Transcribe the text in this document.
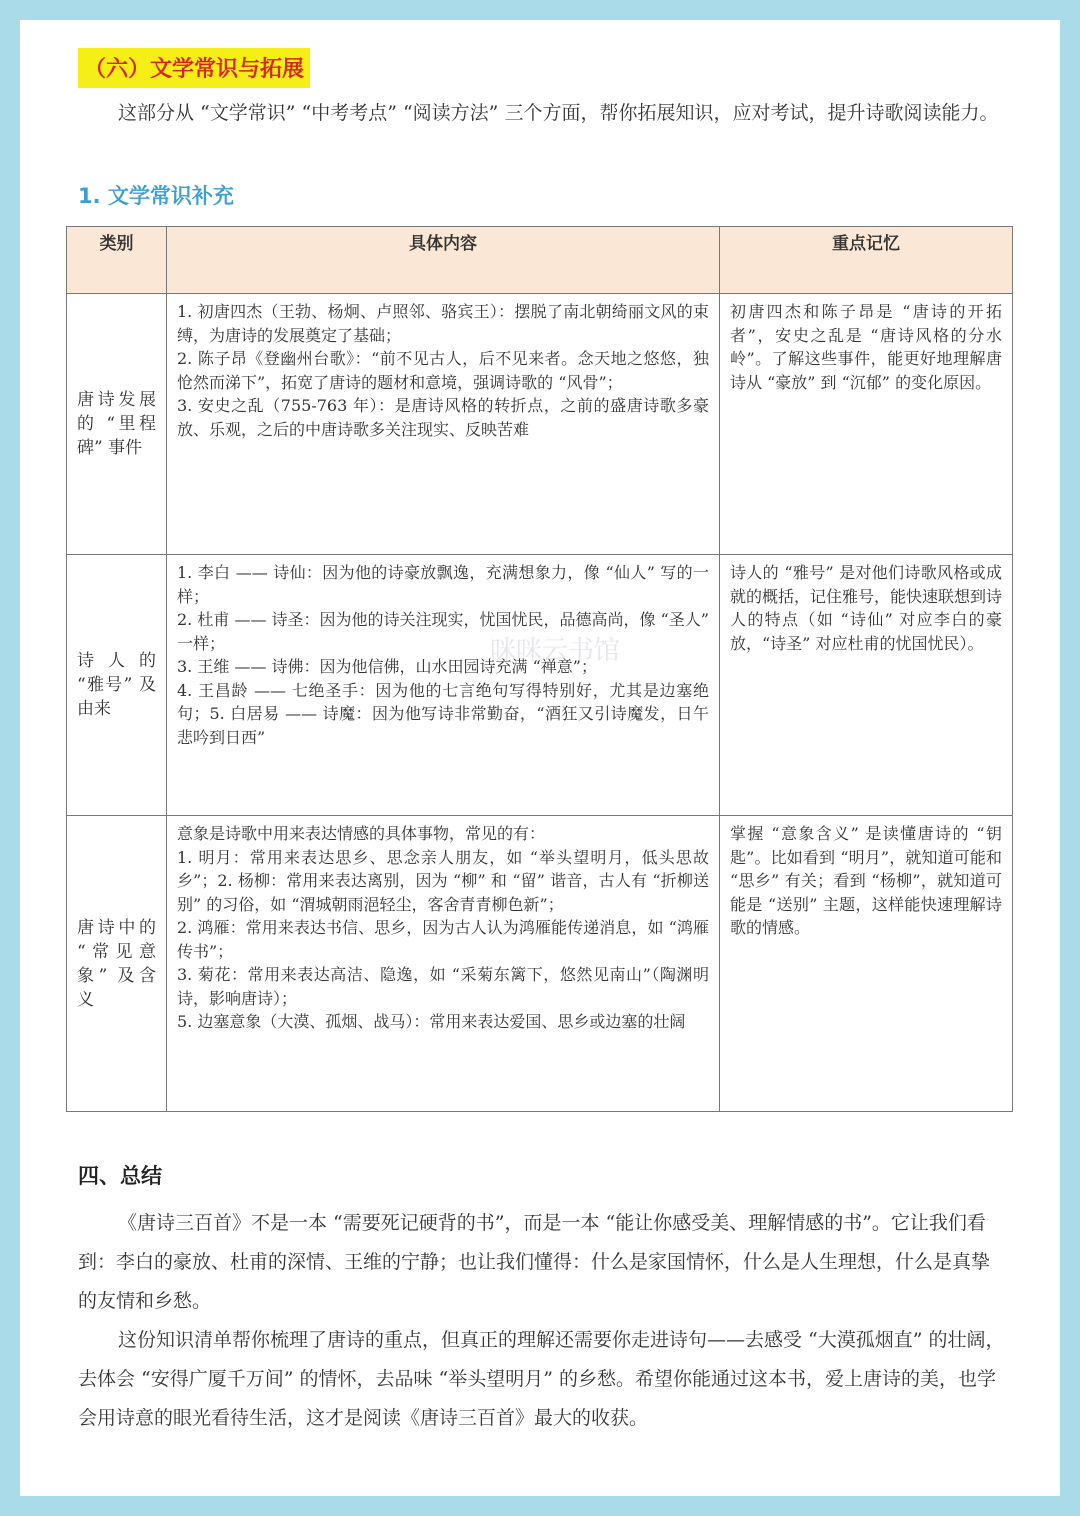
（六）文学常识与拓展
这部分从 “文学常识” “中考考点” “阅读方法” 三个方面，帮你拓展知识，应对考试，提升诗歌阅读能力。
1. 文学常识补充
类别	具体内容	重点记忆
唐诗发展的 “里程碑” 事件	1. 初唐四杰（王勃、杨炯、卢照邻、骆宾王）：摆脱了南北朝绮丽文风的束缚，为唐诗的发展奠定了基础；
2. 陈子昂《登幽州台歌》：“前不见古人，后不见来者。念天地之悠悠，独怆然而涕下”，拓宽了唐诗的题材和意境，强调诗歌的 “风骨”；
3. 安史之乱（755-763 年）：是唐诗风格的转折点，之前的盛唐诗歌多豪放、乐观，之后的中唐诗歌多关注现实、反映苦难	初唐四杰和陈子昂是 “唐诗的开拓者”，安史之乱是 “唐诗风格的分水岭”。了解这些事件，能更好地理解唐诗从 “豪放” 到 “沉郁” 的变化原因。
诗人的 “雅号” 及由来	1. 李白 —— 诗仙：因为他的诗豪放飘逸，充满想象力，像 “仙人” 写的一样；
2. 杜甫 —— 诗圣：因为他的诗关注现实，忧国忧民，品德高尚，像 “圣人” 一样；
3. 王维 —— 诗佛：因为他信佛，山水田园诗充满 “禅意”；
4. 王昌龄 —— 七绝圣手：因为他的七言绝句写得特别好，尤其是边塞绝句；5. 白居易 —— 诗魔：因为他写诗非常勤奋，“酒狂又引诗魔发，日午悲吟到日西”	诗人的 “雅号” 是对他们诗歌风格或成就的概括，记住雅号，能快速联想到诗人的特点（如 “诗仙” 对应李白的豪放，“诗圣” 对应杜甫的忧国忧民）。
唐诗中的 “常见意象” 及含义	意象是诗歌中用来表达情感的具体事物，常见的有：
1. 明月：常用来表达思乡、思念亲人朋友，如 “举头望明月，低头思故乡”；2. 杨柳：常用来表达离别，因为 “柳” 和 “留” 谐音，古人有 “折柳送别” 的习俗，如 “渭城朝雨浥轻尘，客舍青青柳色新”；
2. 鸿雁：常用来表达书信、思乡，因为古人认为鸿雁能传递消息，如 “鸿雁传书”；
3. 菊花：常用来表达高洁、隐逸，如 “采菊东篱下，悠然见南山”（陶渊明诗，影响唐诗）；
5. 边塞意象（大漠、孤烟、战马）：常用来表达爱国、思乡或边塞的壮阔	掌握 “意象含义” 是读懂唐诗的 “钥匙”。比如看到 “明月”，就知道可能和 “思乡” 有关；看到 “杨柳”，就知道可能是 “送别” 主题，这样能快速理解诗歌的情感。
咪咪云书馆
四、总结
《唐诗三百首》不是一本 “需要死记硬背的书”，而是一本 “能让你感受美、理解情感的书”。它让我们看到：李白的豪放、杜甫的深情、王维的宁静；也让我们懂得：什么是家国情怀，什么是人生理想，什么是真挚的友情和乡愁。
这份知识清单帮你梳理了唐诗的重点，但真正的理解还需要你走进诗句——去感受 “大漠孤烟直” 的壮阔，去体会 “安得广厦千万间” 的情怀，去品味 “举头望明月” 的乡愁。希望你能通过这本书，爱上唐诗的美，也学会用诗意的眼光看待生活，这才是阅读《唐诗三百首》最大的收获。
